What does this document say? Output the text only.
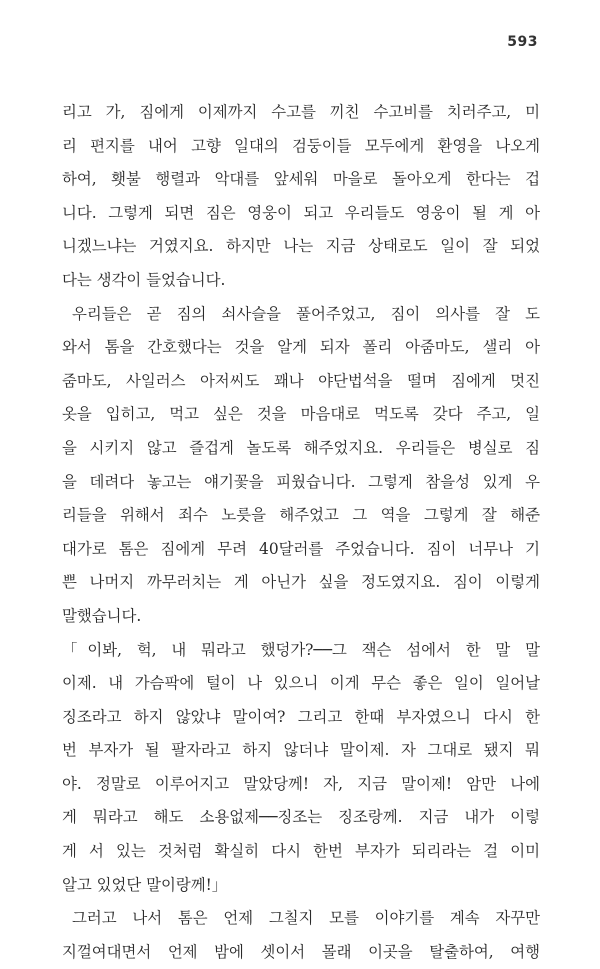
593
리고 가, 짐에게 이제까지 수고를 끼친 수고비를 치러주고, 미
리 편지를 내어 고향 일대의 검둥이들 모두에게 환영을 나오게
하여, 횃불 행렬과 악대를 앞세워 마을로 돌아오게 한다는 겁
니다. 그렇게 되면 짐은 영웅이 되고 우리들도 영웅이 될 게 아
니겠느냐는 거였지요. 하지만 나는 지금 상태로도 일이 잘 되었
다는 생각이 들었습니다.
우리들은 곧 짐의 쇠사슬을 풀어주었고, 짐이 의사를 잘 도
와서 톰을 간호했다는 것을 알게 되자 폴리 아줌마도, 샐리 아
줌마도, 사일러스 아저씨도 꽤나 야단법석을 떨며 짐에게 멋진
옷을 입히고, 먹고 싶은 것을 마음대로 먹도록 갖다 주고, 일
을 시키지 않고 즐겁게 놀도록 해주었지요. 우리들은 병실로 짐
을 데려다 놓고는 얘기꽃을 피웠습니다. 그렇게 참을성 있게 우
리들을 위해서 죄수 노릇을 해주었고 그 역을 그렇게 잘 해준
대가로 톰은 짐에게 무려 40달러를 주었습니다. 짐이 너무나 기
쁜 나머지 까무러치는 게 아닌가 싶을 정도였지요. 짐이 이렇게
말했습니다.
「이봐, 헉, 내 뭐라고 했덩가?──그 잭슨 섬에서 한 말 말
이제. 내 가슴팍에 털이 나 있으니 이게 무슨 좋은 일이 일어날
징조라고 하지 않았냐 말이여? 그리고 한때 부자였으니 다시 한
번 부자가 될 팔자라고 하지 않더냐 말이제. 자 그대로 됐지 뭐
야. 정말로 이루어지고 말았당께! 자, 지금 말이제! 암만 나에
게 뭐라고 해도 소용없제──징조는 징조랑께. 지금 내가 이렇
게 서 있는 것처럼 확실히 다시 한번 부자가 되리라는 걸 이미
알고 있었단 말이랑께!」
그러고 나서 톰은 언제 그칠지 모를 이야기를 계속 자꾸만
지껄여대면서 언제 밤에 셋이서 몰래 이곳을 탈출하여, 여행
